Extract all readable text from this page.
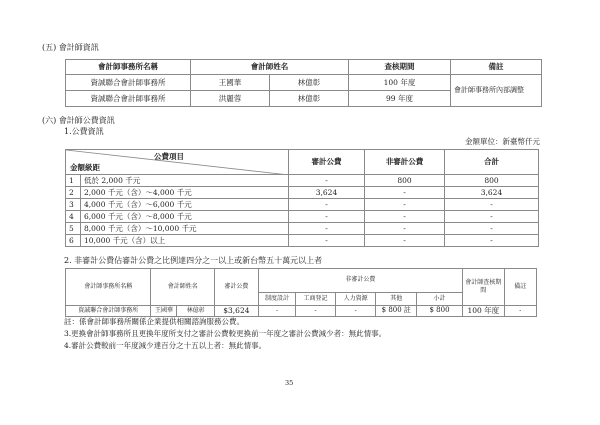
(五) 會計師資訊
會計師事務所名稱	會計師姓名		查核期間	備註
資誠聯合會計師事務所	王國華	林億彰	100 年度	會計師事務所內部調整
資誠聯合會計師事務所	洪麗蓉	林億彰	99 年度	
(六) 會計師公費資訊
1.公費資訊
金額單位：新臺幣仟元
公費項目
金額級距		審計公費	非審計公費	合計
1	低於 2,000 千元	-	800	800
2	2,000 千元（含）～4,000 千元	3,624	-	3,624
3	4,000 千元（含）～6,000 千元	-	-	-
4	6,000 千元（含）～8,000 千元	-	-	-
5	8,000 千元（含）～10,000 千元	-	-	-
6	10,000 千元（含）以上	-	-	-
2. 非審計公費佔審計公費之比例達四分之一以上或新台幣五十萬元以上者
會計師事務所名稱	會計師姓名		審計公費	非審計公費					會計師查核期間	備註
				制度設計	工商登記	人力資源	其他	小計		
資誠聯合會計師事務所	王國華	林億彰	$3,624	-	-	-	$ 800 註	$ 800	100 年度	-
註：係會計師事務所關係企業提供相關諮詢服務公費。
3.更換會計師事務所且更換年度所支付之審計公費較更換前一年度之審計公費減少者：無此情事。
4.審計公費較前一年度減少達百分之十五以上者：無此情事。
35
